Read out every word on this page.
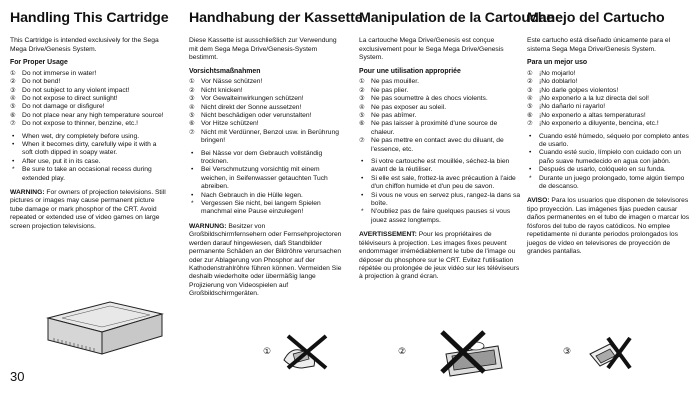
Handling This Cartridge
This Cartridge is intended exclusively for the Sega Mega Drive/Genesis System.
For Proper Usage
① Do not immerse in water!
② Do not bend!
③ Do not subject to any violent impact!
④ Do not expose to direct sunlight!
⑤ Do not damage or disfigure!
⑥ Do not place near any high temperature source!
⑦ Do not expose to thinner, benzine, etc.!
• When wet, dry completely before using.
• When it becomes dirty, carefully wipe it with a soft cloth dipped in soapy water.
• After use, put it in its case.
* Be sure to take an occasional recess during extended play.
WARNING: For owners of projection televisions. Still pictures or images may cause permanent picture tube damage or mark phosphor of the CRT. Avoid repeated or extended use of video games on large screen projection televisions.
Handhabung der Kassette
Diese Kassette ist ausschließlich zur Verwendung mit dem Sega Mega Drive/Genesis-System bestimmt.
Vorsichtsmaßnahmen
① Vor Nässe schützen!
② Nicht knicken!
③ Vor Gewalteinwirkungen schützen!
④ Nicht direkt der Sonne aussetzen!
⑤ Nicht beschädigen oder verunstalten!
⑥ Vor Hitze schützen!
⑦ Nicht mit Verdünner, Benzol usw. in Berührung bringen!
• Bei Nässe vor dem Gebrauch vollständig trocknen.
• Bei Verschmutzung vorsichtig mit einem weichen, in Seifenwasser getauchten Tuch abreiben.
• Nach Gebrauch in die Hülle legen.
* Vergessen Sie nicht, bei langem Spielen manchmal eine Pause einzulegen!
WARNUNG: Besitzer von Großbildschirmfernsehern oder Fernsehprojectoren werden darauf hingewiesen, daß Standbilder permanente Schäden an der Bildröhre verursachen oder zur Ablagerung von Phosphor auf der Kathodenstrahlröhre führen können. Vermeiden Sie deshalb wiederholte oder übermäßig lange Projizierung von Videospielen auf Großbildschirmgeräten.
Manipulation de la Cartouche
La cartouche Mega Drive/Genesis est conçue exclusivement pour le Sega Mega Drive/Genesis System.
Pour une utilisation appropriée
① Ne pas mouiller.
② Ne pas plier.
③ Ne pas soumettre à des chocs violents.
④ Ne pas exposer au soleil.
⑤ Ne pas abîmer.
⑥ Ne pas laisser à proximité d'une source de chaleur.
⑦ Ne pas mettre en contact avec du diluant, de l'essence, etc.
• Si votre cartouche est mouillée, séchez-la bien avant de la réutiliser.
• Si elle est sale, frottez-la avec précaution à l'aide d'un chiffon humide et d'un peu de savon.
• Si vous ne vous en servez plus, rangez-la dans sa boîte.
* N'oubliez pas de faire quelques pauses si vous jouez assez longtemps.
AVERTISSEMENT: Pour les propriétaires de téléviseurs à projection. Les images fixes peuvent endommager irrémédiablement le tube de l'image ou déposer du phosphore sur le CRT. Evitez l'utilisation répétée ou prolongée de jeux vidéo sur les téléviseurs à projection à grand écran.
Manejo del Cartucho
Este cartucho está diseñado únicamente para el sistema Sega Mega Drive/Genesis System.
Para un mejor uso
① ¡No mojarlo!
② ¡No doblarlo!
③ ¡No darle golpes violentos!
④ ¡No exponerlo a la luz directa del sol!
⑤ ¡No dañarlo ni rayarlo!
⑥ ¡No exponerlo a altas temperaturas!
⑦ ¡No exponerlo a diluyente, bencina, etc.!
• Cuando esté húmedo, séquelo por completo antes de usarlo.
• Cuando esté sucio, límpielo con cuidado con un paño suave humedecido en agua con jabón.
• Después de usarlo, colóquelo en su funda.
* Durante un juego prolongado, tome algún tiempo de descanso.
AVISO: Para los usuarios que disponen de televisores tipo proyección. Las imágenes fijas pueden causar daños permanentes en el tubo de imagen o marcar los fósforos del tubo de rayos catódicos. No emplee repetidamente ni durante periodos prolongados los juegos de vídeo en televisores de proyección de grandes pantallas.
30
①	②	③
